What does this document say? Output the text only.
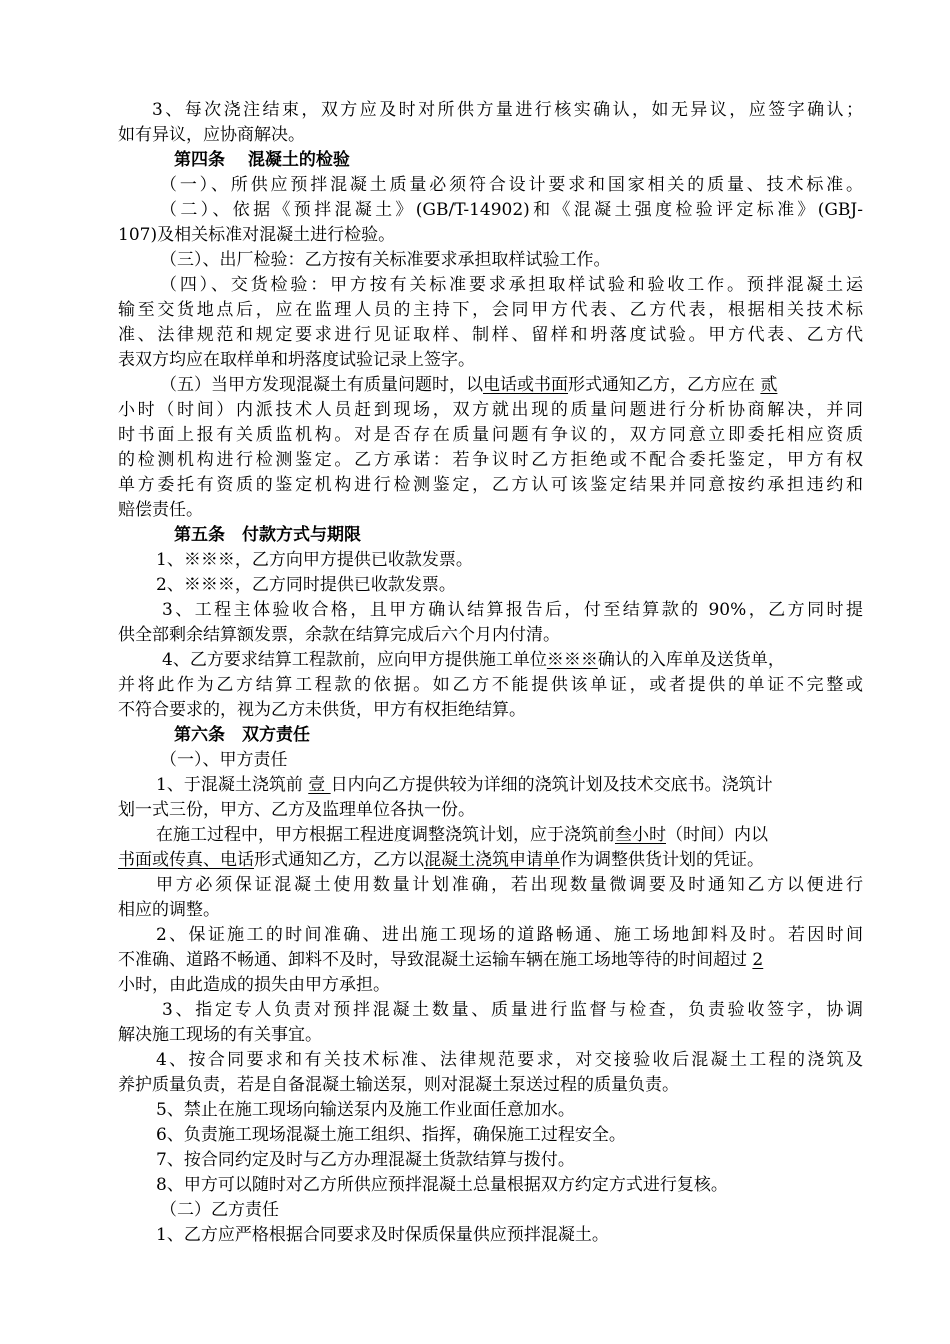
3、每次浇注结束，双方应及时对所供方量进行核实确认，如无异议，应签字确认；
如有异议，应协商解决。
第四条　 混凝土的检验
（一）、所供应预拌混凝土质量必须符合设计要求和国家相关的质量、技术标准。
（二）、依据《预拌混凝土》(GB/T-14902)和《混凝土强度检验评定标准》(GBJ-
107)及相关标准对混凝土进行检验。
（三）、出厂检验：乙方按有关标准要求承担取样试验工作。
（四）、交货检验：甲方按有关标准要求承担取样试验和验收工作。预拌混凝土运
输至交货地点后，应在监理人员的主持下，会同甲方代表、乙方代表，根据相关技术标
准、法律规范和规定要求进行见证取样、制样、留样和坍落度试验。甲方代表、乙方代
表双方均应在取样单和坍落度试验记录上签字。
（五）当甲方发现混凝土有质量问题时，以电话或书面形式通知乙方，乙方应在 贰
小时（时间）内派技术人员赶到现场，双方就出现的质量问题进行分析协商解决，并同
时书面上报有关质监机构。对是否存在质量问题有争议的，双方同意立即委托相应资质
的检测机构进行检测鉴定。乙方承诺：若争议时乙方拒绝或不配合委托鉴定，甲方有权
单方委托有资质的鉴定机构进行检测鉴定，乙方认可该鉴定结果并同意按约承担违约和
赔偿责任。
第五条　付款方式与期限
1、※※※，乙方向甲方提供已收款发票。
2、※※※，乙方同时提供已收款发票。
3、工程主体验收合格，且甲方确认结算报告后，付至结算款的 90%，乙方同时提
供全部剩余结算额发票，余款在结算完成后六个月内付清。
4、乙方要求结算工程款前，应向甲方提供施工单位※※※确认的入库单及送货单，
并将此作为乙方结算工程款的依据。如乙方不能提供该单证，或者提供的单证不完整或
不符合要求的，视为乙方未供货，甲方有权拒绝结算。
第六条　双方责任
（一）、甲方责任
1、于混凝土浇筑前 壹 日内向乙方提供较为详细的浇筑计划及技术交底书。浇筑计
划一式三份，甲方、乙方及监理单位各执一份。
在施工过程中，甲方根据工程进度调整浇筑计划，应于浇筑前叁小时（时间）内以
书面或传真、电话形式通知乙方，乙方以混凝土浇筑申请单作为调整供货计划的凭证。
甲方必须保证混凝土使用数量计划准确，若出现数量微调要及时通知乙方以便进行
相应的调整。
2、保证施工的时间准确、进出施工现场的道路畅通、施工场地卸料及时。若因时间
不准确、道路不畅通、卸料不及时，导致混凝土运输车辆在施工场地等待的时间超过 2
小时，由此造成的损失由甲方承担。
3、指定专人负责对预拌混凝土数量、质量进行监督与检查，负责验收签字，协调
解决施工现场的有关事宜。
4、按合同要求和有关技术标准、法律规范要求，对交接验收后混凝土工程的浇筑及
养护质量负责，若是自备混凝土输送泵，则对混凝土泵送过程的质量负责。
5、禁止在施工现场向输送泵内及施工作业面任意加水。
6、负责施工现场混凝土施工组织、指挥，确保施工过程安全。
7、按合同约定及时与乙方办理混凝土货款结算与拨付。
8、甲方可以随时对乙方所供应预拌混凝土总量根据双方约定方式进行复核。
（二）乙方责任
1、乙方应严格根据合同要求及时保质保量供应预拌混凝土。
